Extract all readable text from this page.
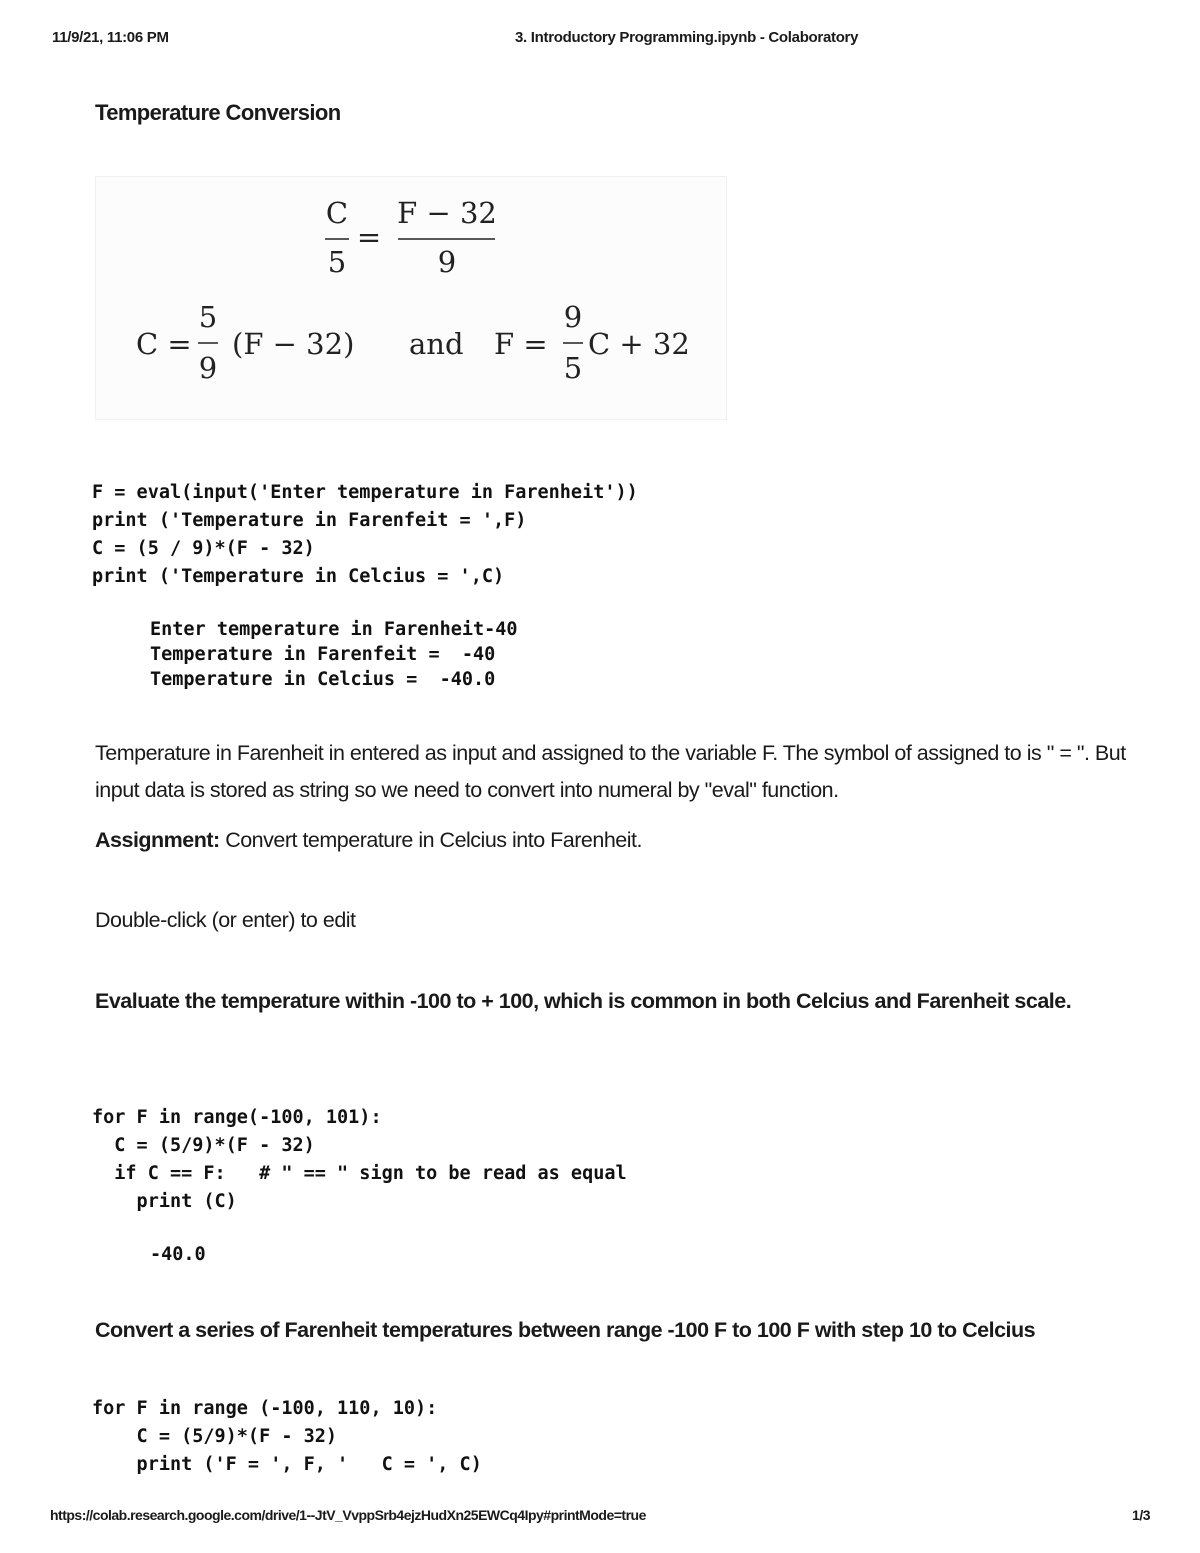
11/9/21, 11:06 PM	3. Introductory Programming.ipynb - Colaboratory
Temperature Conversion
C
5
=
F − 32
9
C =
5
9
(F − 32) and F =
9
5
C + 32
F = eval(input('Enter temperature in Farenheit'))
print ('Temperature in Farenfeit = ',F)
C = (5 / 9)*(F - 32)
print ('Temperature in Celcius = ',C)
Enter temperature in Farenheit-40
Temperature in Farenfeit =  -40
Temperature in Celcius =  -40.0
Temperature in Farenheit in entered as input and assigned to the variable F. The symbol of assigned to is " = ". But input data is stored as string so we need to convert into numeral by "eval" function.
Assignment: Convert temperature in Celcius into Farenheit.
Double-click (or enter) to edit
Evaluate the temperature within -100 to + 100, which is common in both Celcius and Farenheit scale.
for F in range(-100, 101):
C = (5/9)*(F - 32)
if C == F:   # " == " sign to be read as equal
print (C)
-40.0
Convert a series of Farenheit temperatures between range -100 F to 100 F with step 10 to Celcius
for F in range (-100, 110, 10):
C = (5/9)*(F - 32)
print ('F = ', F, '   C = ', C)
https://colab.research.google.com/drive/1--JtV_VvppSrb4ejzHudXn25EWCq4Ipy#printMode=true	1/3
